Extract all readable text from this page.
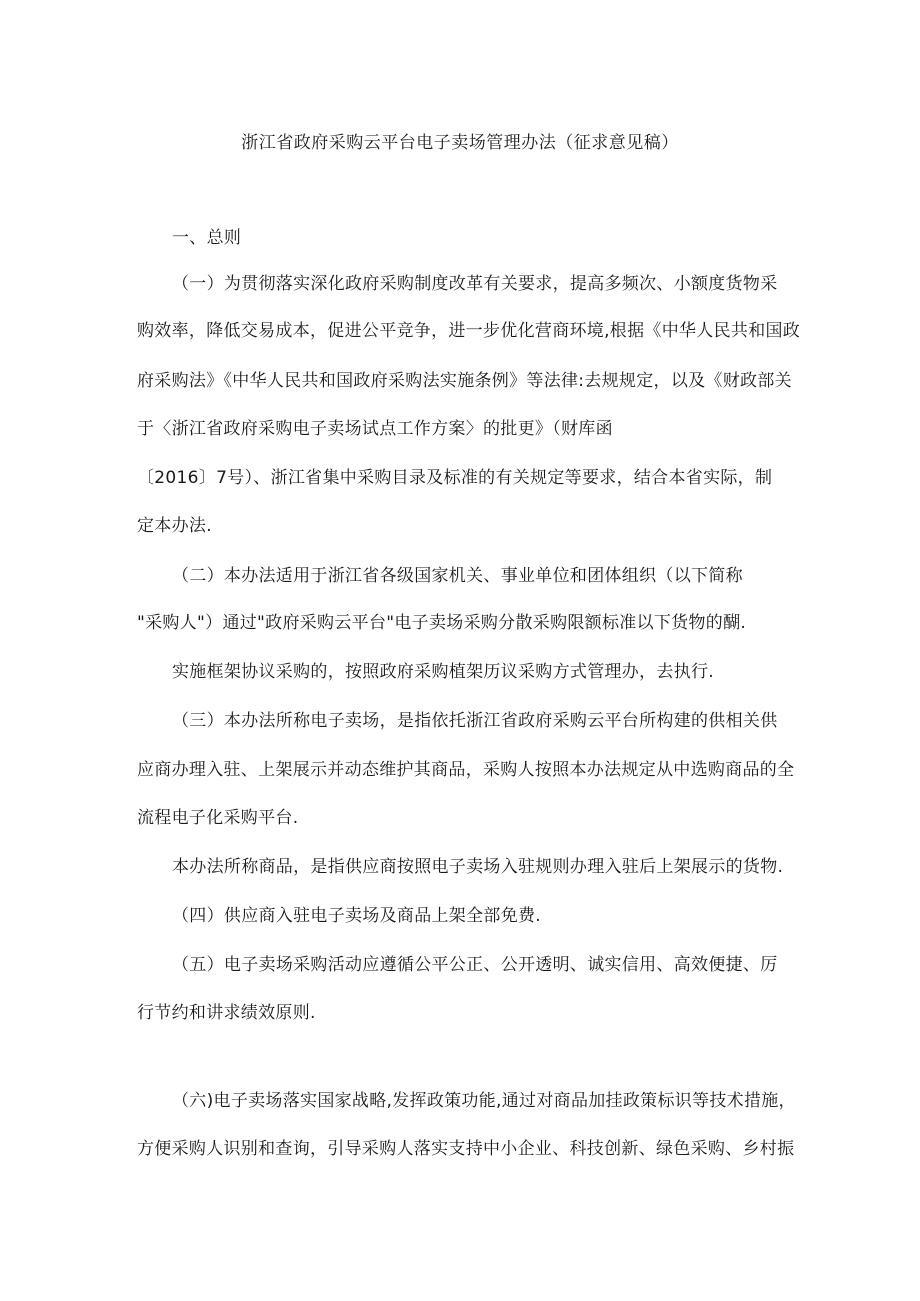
浙江省政府采购云平台电子卖场管理办法（征求意见稿）
一、总则
（一）为贯彻落实深化政府采购制度改革有关要求，提高多频次、小额度货物采
购效率，降低交易成本，促进公平竞争，进一步优化营商环境,根据《中华人民共和国政
府采购法》《中华人民共和国政府采购法实施条例》等法律:去规规定，以及《财政部关
于〈浙江省政府采购电子卖场试点工作方案〉的批更》（财库函
〔2016〕7号）、浙江省集中采购目录及标准的有关规定等要求，结合本省实际，制
定本办法.
（二）本办法适用于浙江省各级国家机关、事业单位和团体组织（以下简称
"采购人"）通过"政府采购云平台"电子卖场采购分散采购限额标准以下货物的醐.
实施框架协议采购的，按照政府采购植架历议采购方式管理办，去执行.
（三）本办法所称电子卖场，是指依托浙江省政府采购云平台所构建的供相关供
应商办理入驻、上架展示并动态维护其商品，采购人按照本办法规定从中选购商品的全
流程电子化采购平台.
本办法所称商品，是指供应商按照电子卖场入驻规则办理入驻后上架展示的货物.
（四）供应商入驻电子卖场及商品上架全部免费.
（五）电子卖场采购活动应遵循公平公正、公开透明、诚实信用、高效便捷、厉
行节约和讲求绩效原则.
（六)电子卖场落实国家战略,发挥政策功能,通过对商品加挂政策标识等技术措施，
方便采购人识别和查询，引导采购人落实支持中小企业、科技创新、绿色采购、乡村振
